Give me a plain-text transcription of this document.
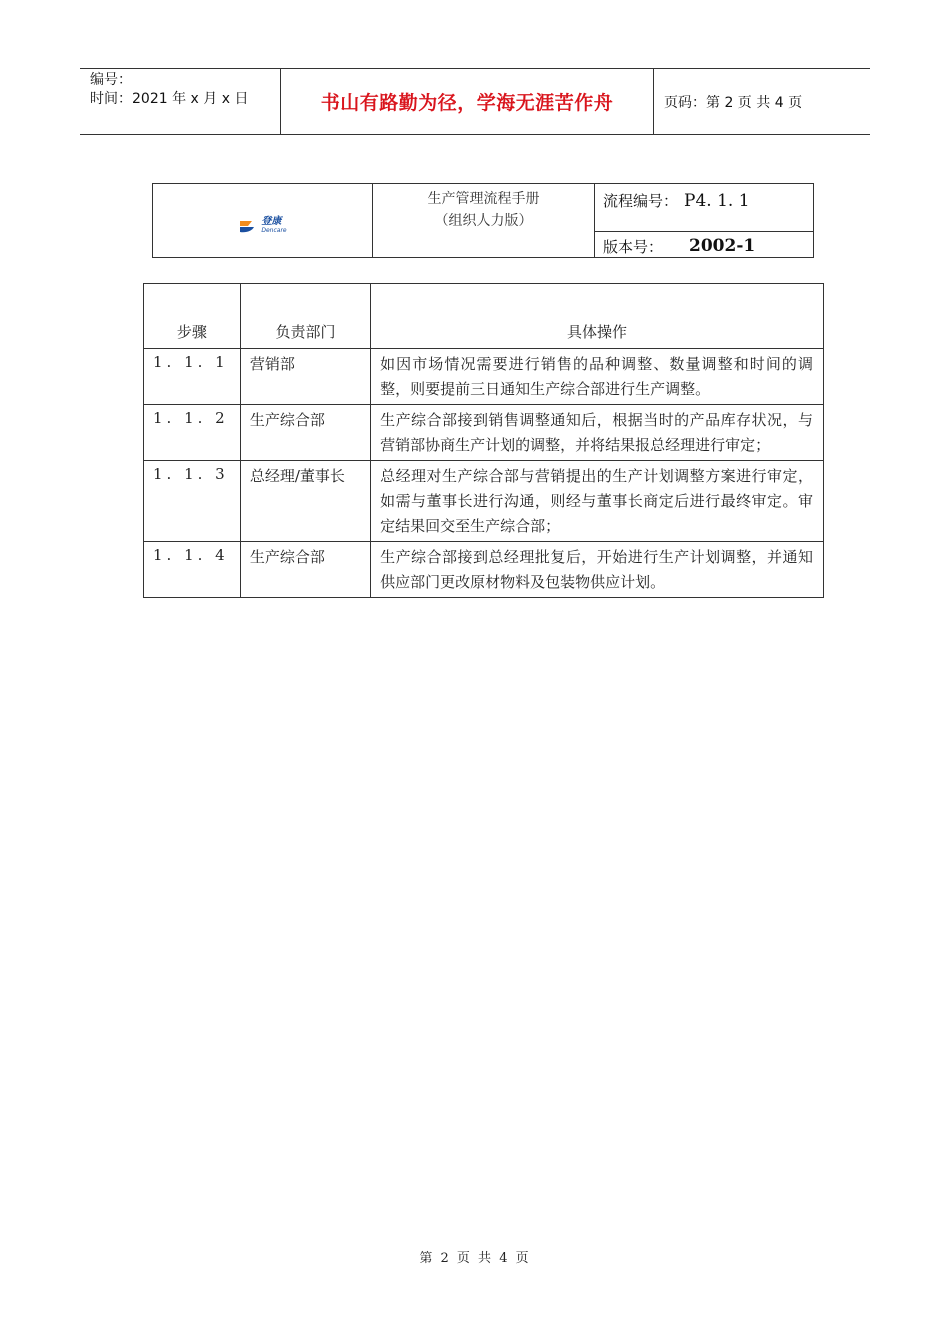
编号：
时间：2021 年 x 月 x 日	书山有路勤为径，学海无涯苦作舟	页码：第 2 页 共 4 页
登康
Dencare
生产管理流程手册
（组织人力版）
流程编号： P4. 1. 1
版本号： 2002-1
步骤	负责部门	具体操作
1. 1. 1	营销部	如因市场情况需要进行销售的品种调整、数量调整和时间的调整，则要提前三日通知生产综合部进行生产调整。
1. 1. 2	生产综合部	生产综合部接到销售调整通知后，根据当时的产品库存状况，与营销部协商生产计划的调整，并将结果报总经理进行审定；
1. 1. 3	总经理/董事长	总经理对生产综合部与营销提出的生产计划调整方案进行审定，如需与董事长进行沟通，则经与董事长商定后进行最终审定。审定结果回交至生产综合部；
1. 1. 4	生产综合部	生产综合部接到总经理批复后，开始进行生产计划调整，并通知供应部门更改原材物料及包装物供应计划。
第 2 页 共 4 页
